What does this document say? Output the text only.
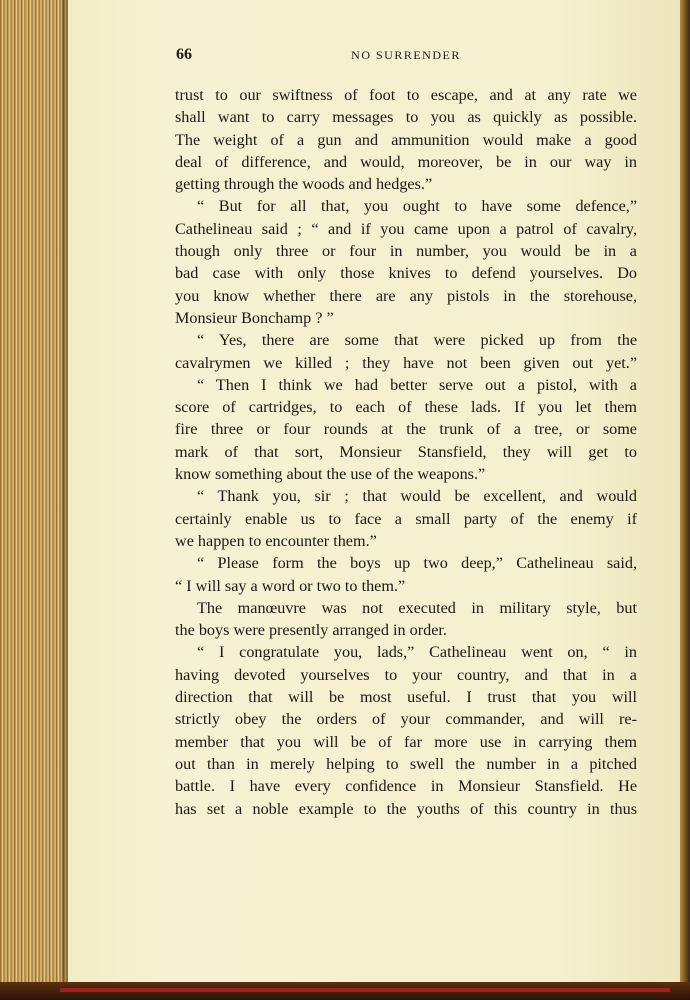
66	NO SURRENDER
trust to our swiftness of foot to escape, and at any rate we
shall want to carry messages to you as quickly as possible.
The weight of a gun and ammunition would make a good
deal of difference, and would, moreover, be in our way in
getting through the woods and hedges.”
“ But for all that, you ought to have some defence,”
Cathelineau said ; “ and if you came upon a patrol of cavalry,
though only three or four in number, you would be in a
bad case with only those knives to defend yourselves. Do
you know whether there are any pistols in the storehouse,
Monsieur Bonchamp ? ”
“ Yes, there are some that were picked up from the
cavalrymen we killed ; they have not been given out yet.”
“ Then I think we had better serve out a pistol, with a
score of cartridges, to each of these lads. If you let them
fire three or four rounds at the trunk of a tree, or some
mark of that sort, Monsieur Stansfield, they will get to
know something about the use of the weapons.”
“ Thank you, sir ; that would be excellent, and would
certainly enable us to face a small party of the enemy if
we happen to encounter them.”
“ Please form the boys up two deep,” Cathelineau said,
“ I will say a word or two to them.”
The manœuvre was not executed in military style, but
the boys were presently arranged in order.
“ I congratulate you, lads,” Cathelineau went on, “ in
having devoted yourselves to your country, and that in a
direction that will be most useful. I trust that you will
strictly obey the orders of your commander, and will re-
member that you will be of far more use in carrying them
out than in merely helping to swell the number in a pitched
battle. I have every confidence in Monsieur Stansfield. He
has set a noble example to the youths of this country in thus
